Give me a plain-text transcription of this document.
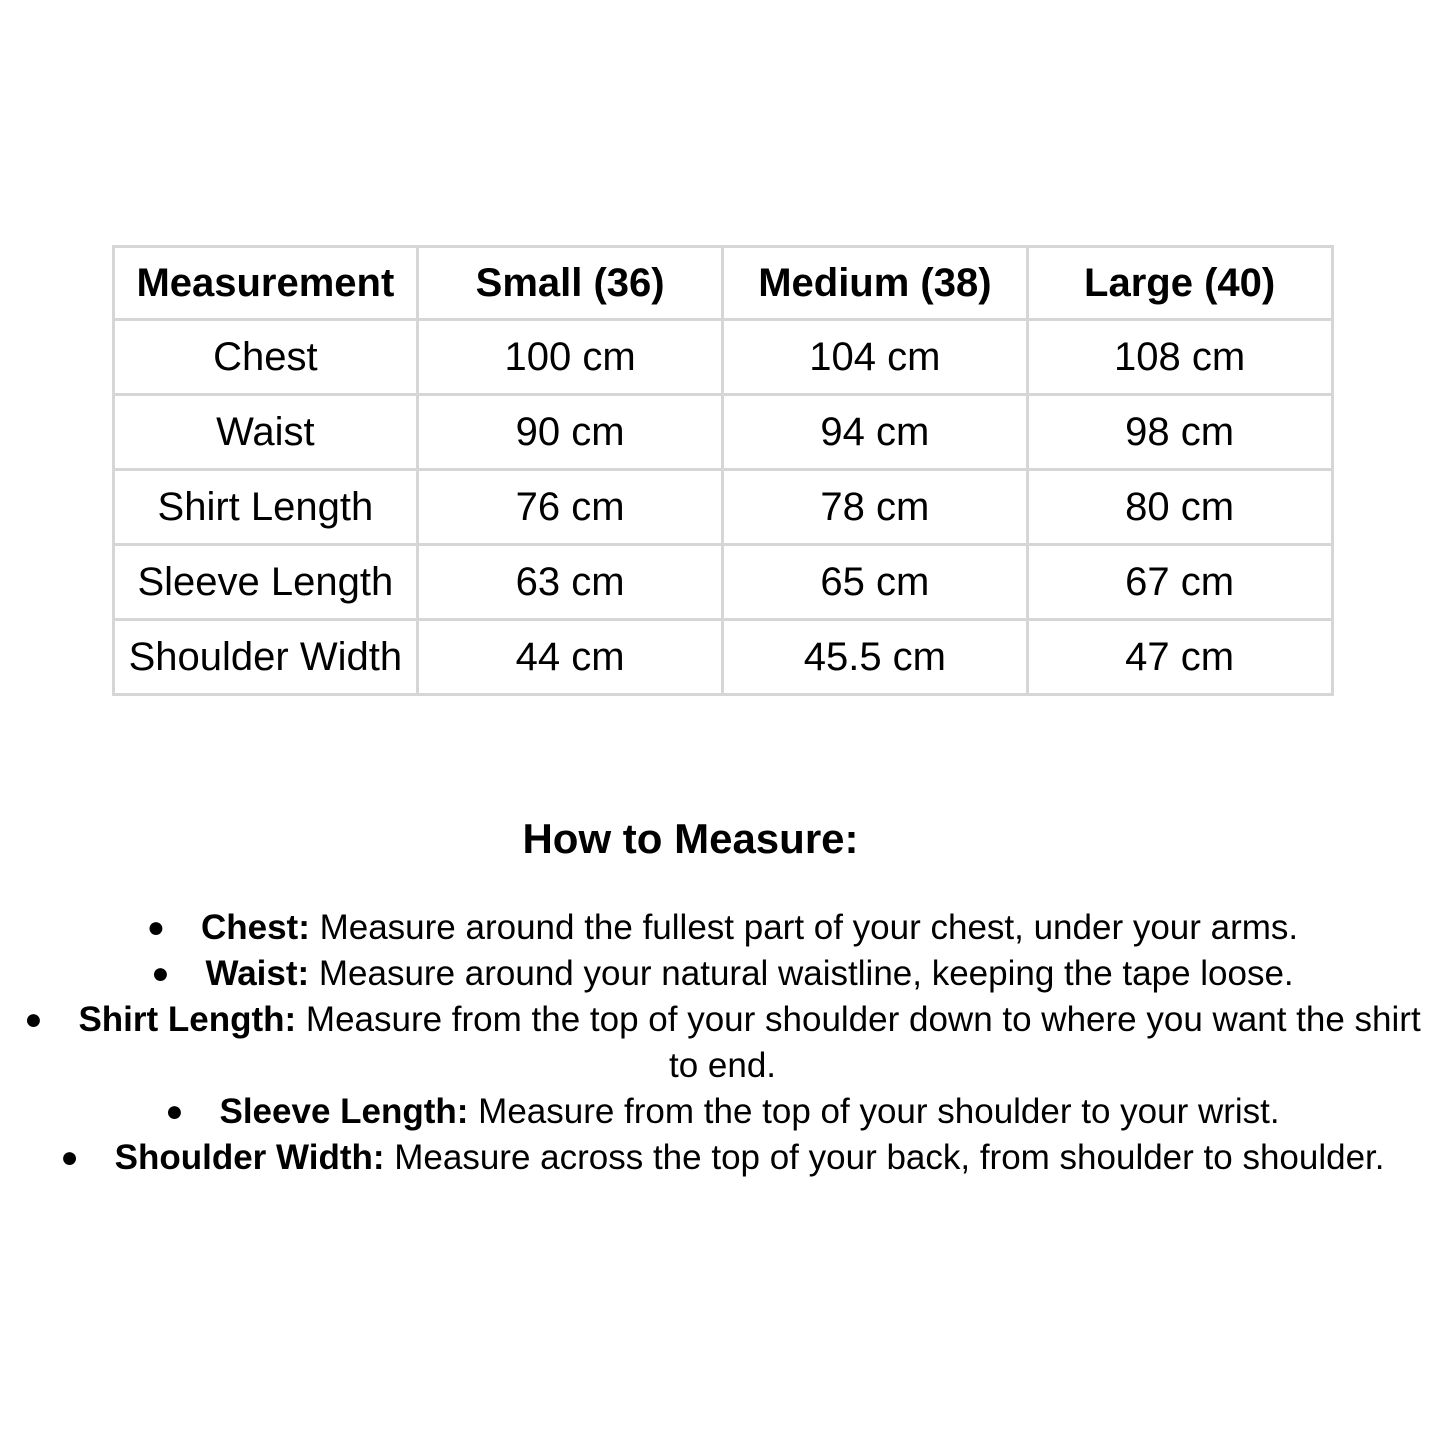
Measurement	Small (36)	Medium (38)	Large (40)
Chest	100 cm	104 cm	108 cm
Waist	90 cm	94 cm	98 cm
Shirt Length	76 cm	78 cm	80 cm
Sleeve Length	63 cm	65 cm	67 cm
Shoulder Width	44 cm	45.5 cm	47 cm
How to Measure:
● Chest: Measure around the fullest part of your chest, under your arms.
● Waist: Measure around your natural waistline, keeping the tape loose.
● Shirt Length: Measure from the top of your shoulder down to where you want the shirt to end.
● Sleeve Length: Measure from the top of your shoulder to your wrist.
● Shoulder Width: Measure across the top of your back, from shoulder to shoulder.
